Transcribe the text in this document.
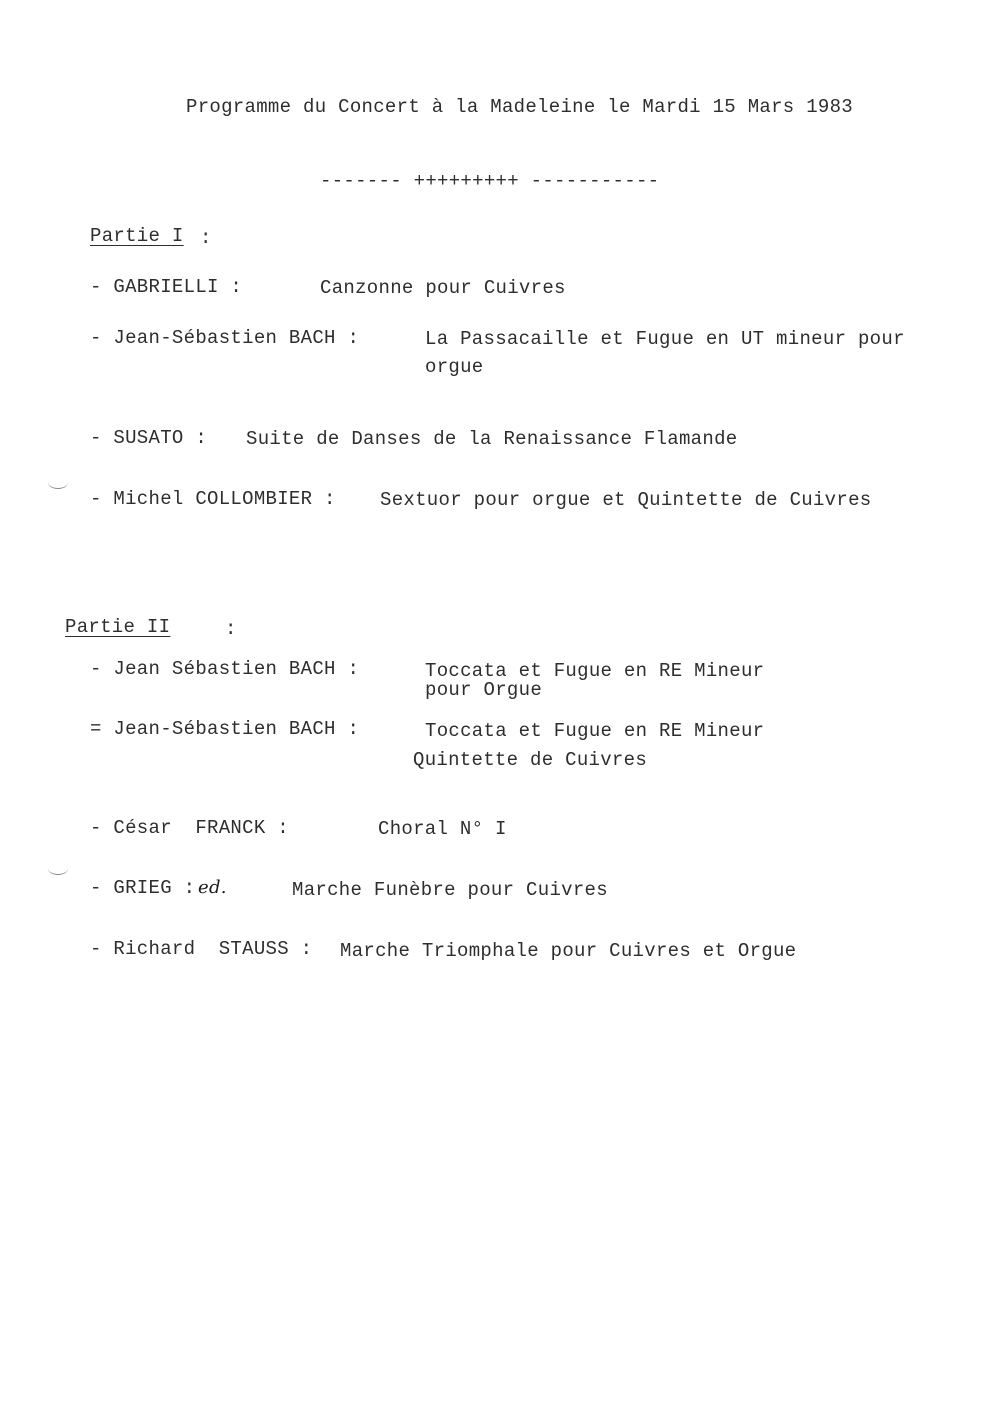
Programme du Concert à la Madeleine le Mardi 15 Mars 1983
------- +++++++++ -----------
Partie I :
- GABRIELLI :	Canzonne pour Cuivres
- Jean-Sébastien BACH :	La Passacaille et Fugue en UT mineur pour
orgue
- SUSATO : Suite de Danses de la Renaissance Flamande
- Michel COLLOMBIER : Sextuor pour orgue et Quintette de Cuivres
Partie II	:
- Jean Sébastien BACH :	Toccata et Fugue en RE Mineur
pour Orgue
= Jean-Sébastien BACH :	Toccata et Fugue en RE Mineur
Quintette de Cuivres
- César  FRANCK :	Choral N° I
- GRIEG : ed.	Marche Funèbre pour Cuivres
- Richard  STAUSS : Marche Triomphale pour Cuivres et Orgue
